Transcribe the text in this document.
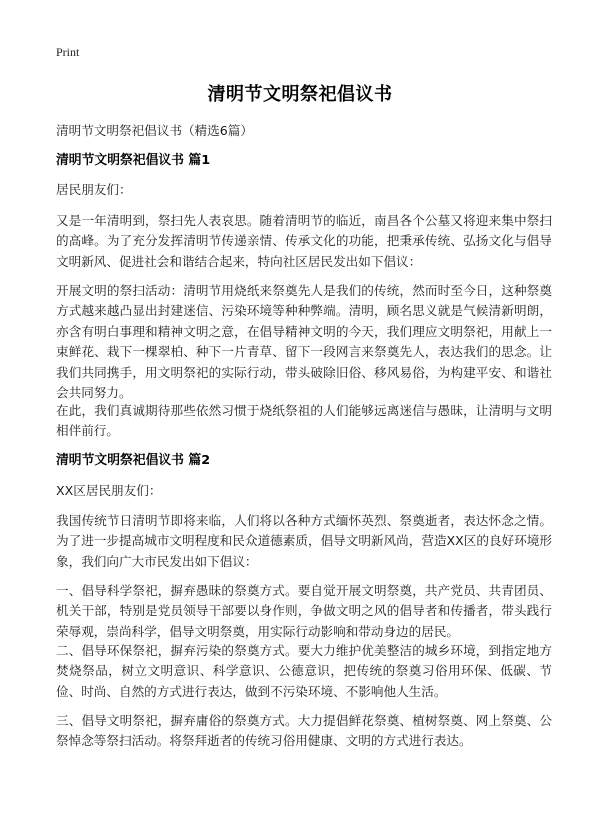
Print
清明节文明祭祀倡议书
清明节文明祭祀倡议书（精选6篇）
清明节文明祭祀倡议书 篇1
居民朋友们：
又是一年清明到，祭扫先人表哀思。随着清明节的临近，南昌各个公墓又将迎来集中祭扫的高峰。为了充分发挥清明节传递亲情、传承文化的功能，把秉承传统、弘扬文化与倡导文明新风、促进社会和谐结合起来，特向社区居民发出如下倡议：
开展文明的祭扫活动：清明节用烧纸来祭奠先人是我们的传统，然而时至今日，这种祭奠方式越来越凸显出封建迷信、污染环境等种种弊端。清明，顾名思义就是气候清新明朗，亦含有明白事理和精神文明之意，在倡导精神文明的今天，我们理应文明祭祀，用献上一束鲜花、栽下一棵翠柏、种下一片青草、留下一段网言来祭奠先人，表达我们的思念。让我们共同携手，用文明祭祀的实际行动，带头破除旧俗、移风易俗，为构建平安、和谐社会共同努力。
在此，我们真诚期待那些依然习惯于烧纸祭祖的人们能够远离迷信与愚昧，让清明与文明相伴前行。
清明节文明祭祀倡议书 篇2
XX区居民朋友们：
我国传统节日清明节即将来临，人们将以各种方式缅怀英烈、祭奠逝者，表达怀念之情。为了进一步提高城市文明程度和民众道德素质，倡导文明新风尚，营造XX区的良好环境形象，我们向广大市民发出如下倡议：
一、倡导科学祭祀，摒弃愚昧的祭奠方式。要自觉开展文明祭奠，共产党员、共青团员、机关干部，特别是党员领导干部要以身作则，争做文明之风的倡导者和传播者，带头践行荣辱观，崇尚科学，倡导文明祭奠，用实际行动影响和带动身边的居民。
二、倡导环保祭祀，摒弃污染的祭奠方式。要大力维护优美整洁的城乡环境，到指定地方焚烧祭品，树立文明意识、科学意识、公德意识，把传统的祭奠习俗用环保、低碳、节俭、时尚、自然的方式进行表达，做到不污染环境、不影响他人生活。
三、倡导文明祭祀，摒弃庸俗的祭奠方式。大力提倡鲜花祭奠、植树祭奠、网上祭奠、公祭悼念等祭扫活动。将祭拜逝者的传统习俗用健康、文明的方式进行表达。
